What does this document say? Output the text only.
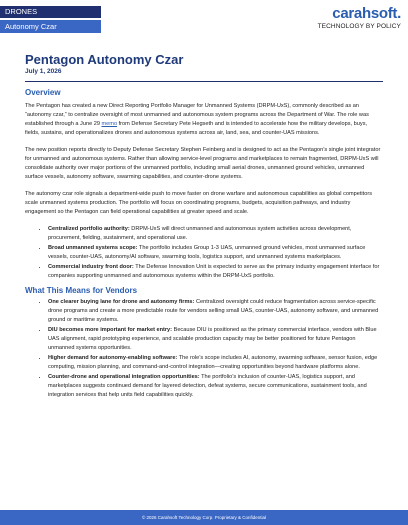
DRONES
Autonomy Czar
carahsoft.
TECHNOLOGY BY POLICY
Pentagon Autonomy Czar
July 1, 2026
Overview

The Pentagon has created a new Direct Reporting Portfolio Manager for Unmanned Systems (DRPM-UxS), commonly described as an “autonomy czar,” to centralize oversight of most unmanned and autonomous system programs across the Department of War. The role was established through a June 29 memo from Defense Secretary Pete Hegseth and is intended to accelerate how the military develops, buys, fields, sustains, and operationalizes drones and autonomous systems across air, land, sea, and counter-UAS missions.

The new position reports directly to Deputy Defense Secretary Stephen Feinberg and is designed to act as the Pentagon’s single joint integrator for unmanned and autonomous systems. Rather than allowing service-level programs and marketplaces to remain fragmented, DRPM-UxS will consolidate authority over major portions of the unmanned portfolio, including small aerial drones, unmanned ground vehicles, unmanned surface vessels, autonomy software, swarming capabilities, and counter-drone systems.

The autonomy czar role signals a department-wide push to move faster on drone warfare and autonomous capabilities as global competitors scale unmanned systems production. The portfolio will focus on coordinating programs, budgets, acquisition pathways, and industry engagement so the Pentagon can field operational capabilities at greater speed and scale.

• Centralized portfolio authority: DRPM-UxS will direct unmanned and autonomous system activities across development, procurement, fielding, sustainment, and operational use.
• Broad unmanned systems scope: The portfolio includes Group 1-3 UAS, unmanned ground vehicles, most unmanned surface vessels, counter-UAS, autonomy/AI software, swarming tools, logistics support, and unmanned systems marketplaces.
• Commercial industry front door: The Defense Innovation Unit is expected to serve as the primary industry engagement interface for companies supporting unmanned and autonomous systems within the DRPM-UxS portfolio.
What This Means for Vendors
• One clearer buying lane for drone and autonomy firms: Centralized oversight could reduce fragmentation across service-specific drone programs and create a more predictable route for vendors selling small UAS, counter-UAS, autonomy software, and unmanned ground or maritime systems.
• DIU becomes more important for market entry: Because DIU is positioned as the primary commercial interface, vendors with Blue UAS alignment, rapid prototyping experience, and scalable production capacity may be better positioned for future Pentagon unmanned systems opportunities.
• Higher demand for autonomy-enabling software: The role’s scope includes AI, autonomy, swarming software, sensor fusion, edge computing, mission planning, and command-and-control integration—creating opportunities beyond hardware platforms alone.
• Counter-drone and operational integration opportunities: The portfolio’s inclusion of counter-UAS, logistics support, and marketplaces suggests continued demand for layered detection, defeat systems, secure communications, sustainment tools, and integration services that help units field capabilities quickly.
© 2026 Carahsoft Technology Corp. Proprietary & Confidential
